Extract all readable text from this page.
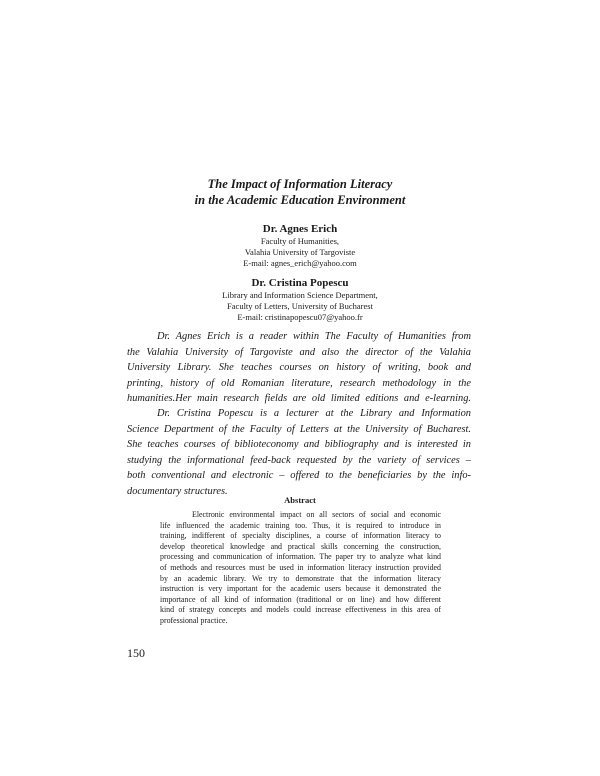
The Impact of Information Literacy
in the Academic Education Environment
Dr. Agnes Erich
Faculty of Humanities,
Valahia University of Targoviste
E-mail: agnes_erich@yahoo.com
Dr. Cristina Popescu
Library and Information Science Department,
Faculty of Letters, University of Bucharest
E-mail: cristinapopescu07@yahoo.fr

Dr. Agnes Erich is a reader within The Faculty of Humanities from
the Valahia University of Targoviste and also the director of the Valahia
University Library. She teaches courses on history of writing, book and
printing, history of old Romanian literature, research methodology in the
humanities.Her main research fields are old limited editions and e-learning.

Dr. Cristina Popescu is a lecturer at the Library and Information
Science Department of the Faculty of Letters at the University of Bucharest.
She teaches courses of biblioteconomy and bibliography and is interested in
studying the informational feed-back requested by the variety of services –
both conventional and electronic – offered to the beneficiaries by the info-
documentary structures.

Abstract

Electronic environmental impact on all sectors of social and economic
life influenced the academic training too. Thus, it is required to introduce in
training, indifferent of specialty disciplines, a course of information literacy to
develop theoretical knowledge and practical skills concerning the construction,
processing and communication of information. The paper try to analyze what kind
of methods and resources must be used in information literacy instruction provided
by an academic library. We try to demonstrate that the information literacy
instruction is very important for the academic users because it demonstrated the
importance of all kind of information (traditional or on line) and how different
kind of strategy concepts and models could increase effectiveness in this area of
professional practice.

150
